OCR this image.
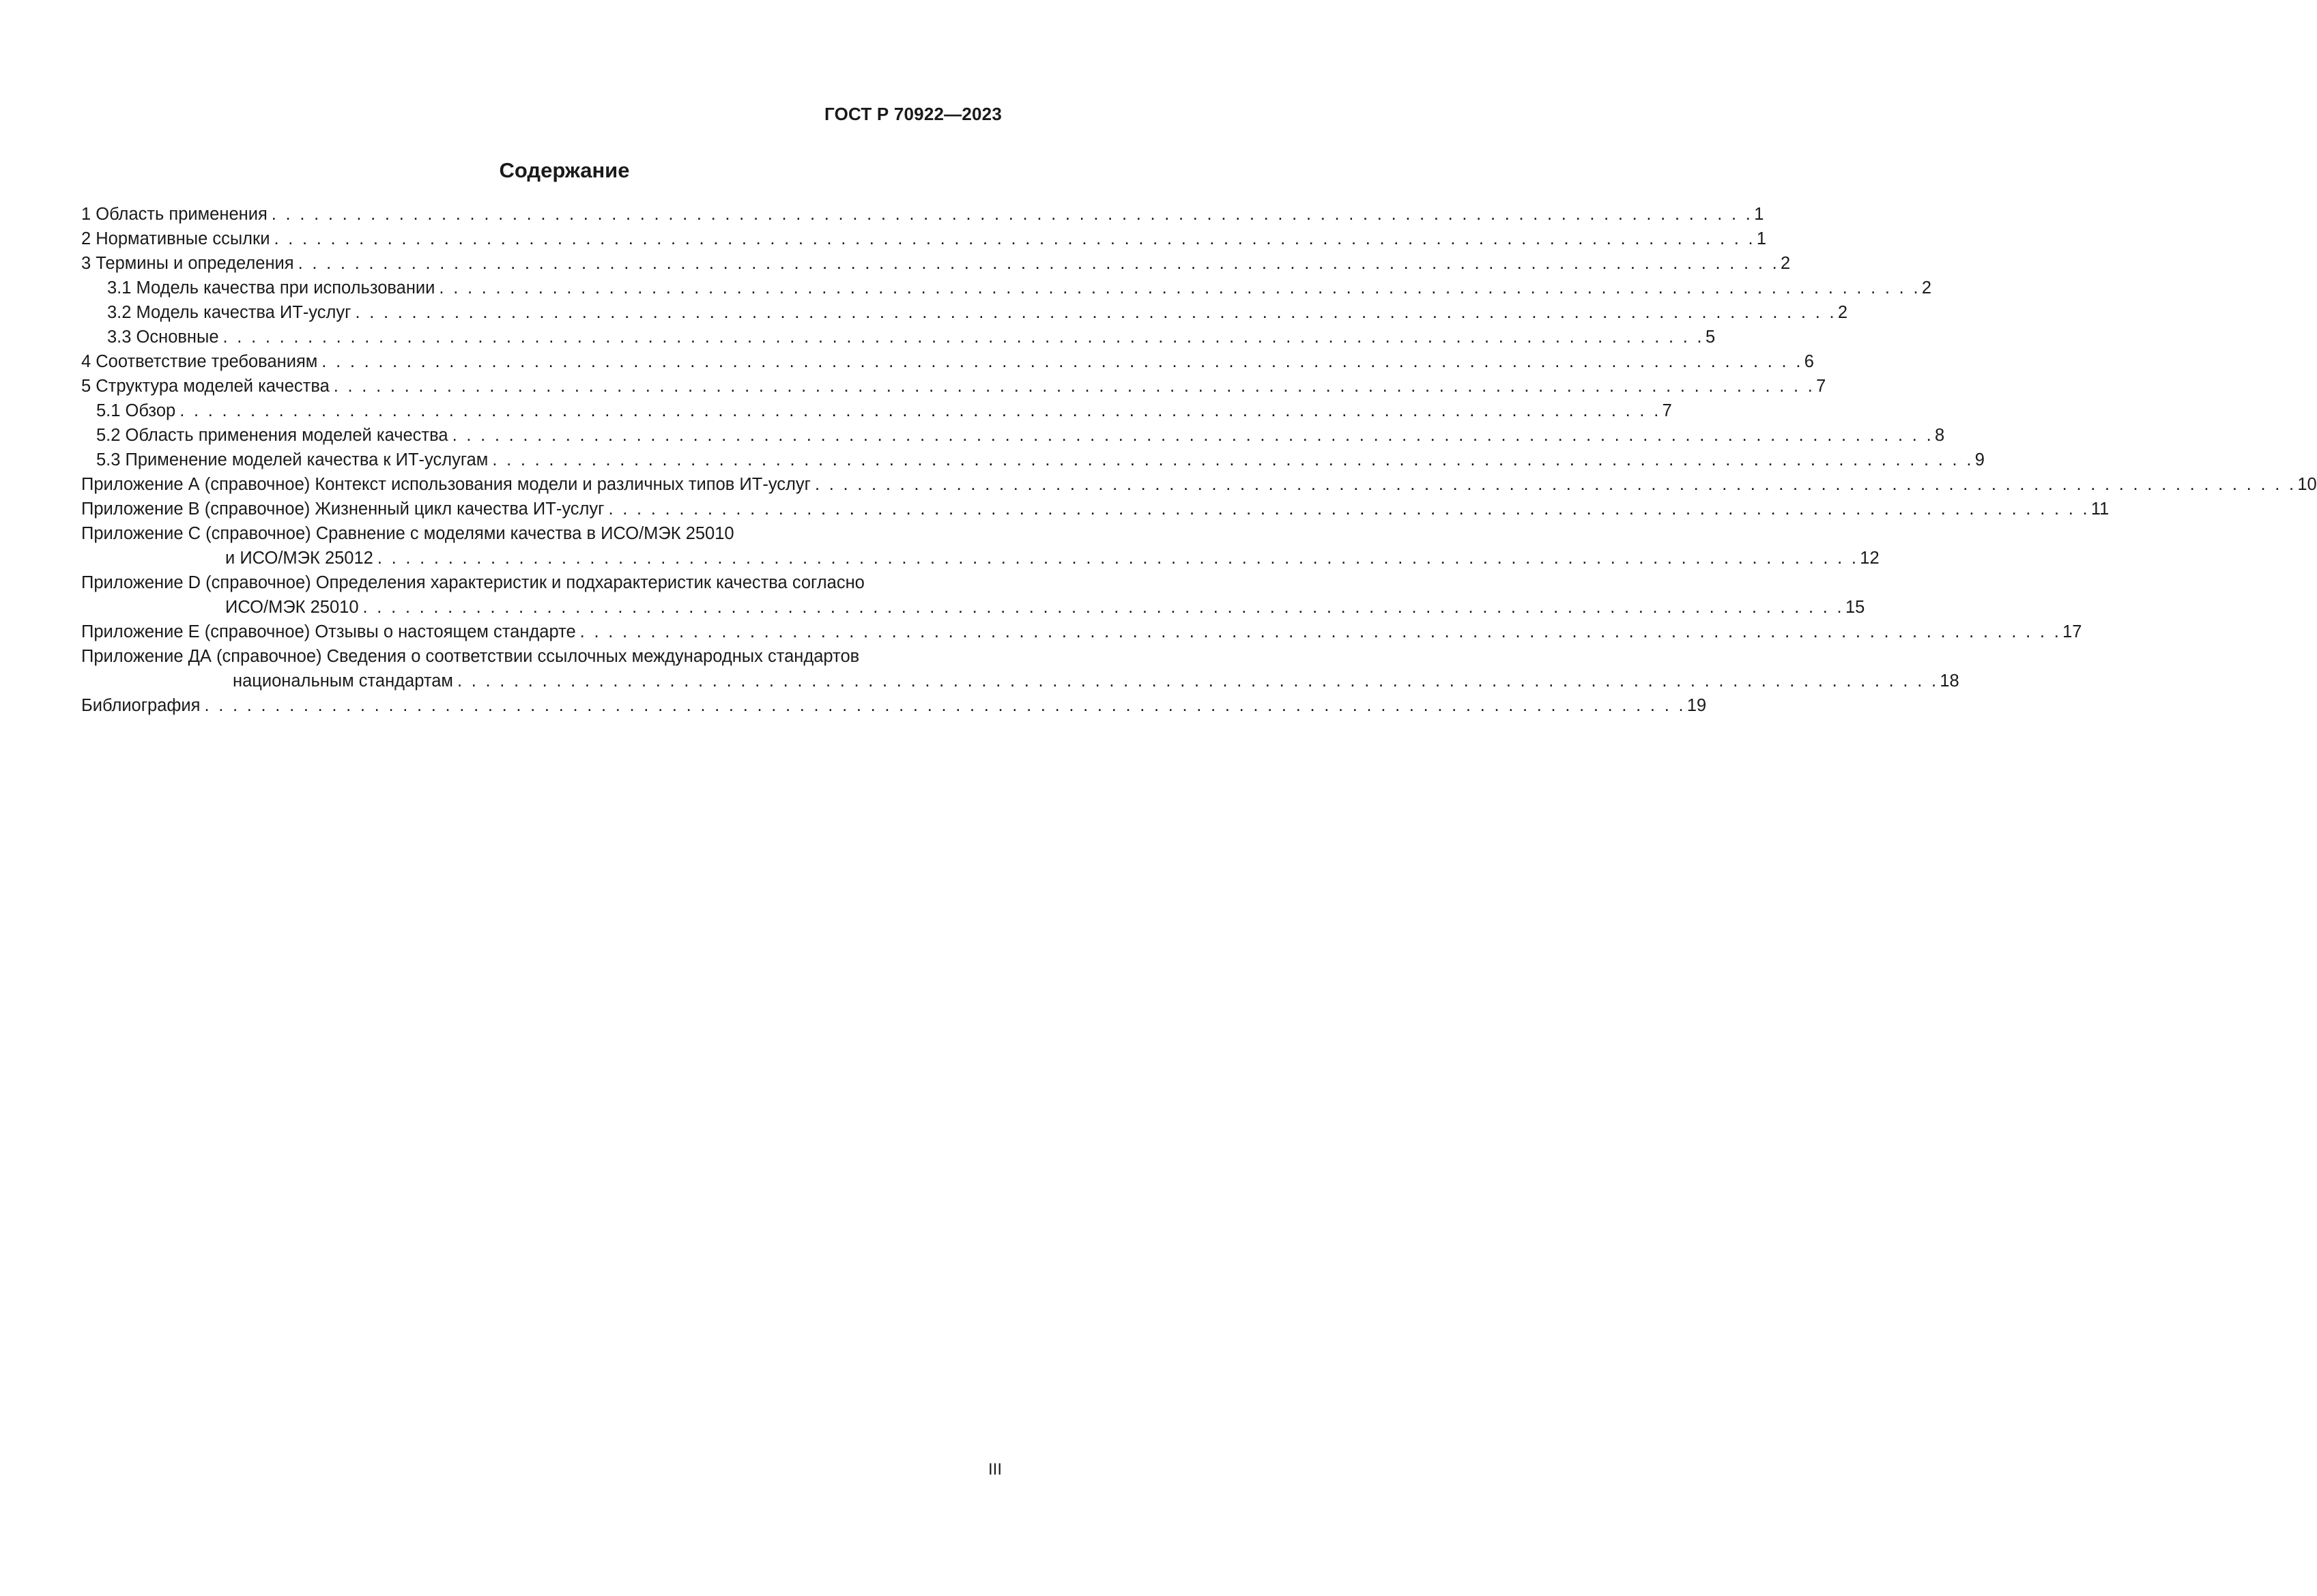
ГОСТ Р 70922—2023
Содержание
1 Область применения . . . . . . . . . . . . . . . . . . . . . . . . . . . . . . . . . . . . . . . . . . . . . . . . . . . . . . . . . . . . . . . . . . . . . . . . . . . . . . . . . . . . . . . . . . . . . . . . . . . . . . . . . 1
2 Нормативные ссылки . . . . . . . . . . . . . . . . . . . . . . . . . . . . . . . . . . . . . . . . . . . . . . . . . . . . . . . . . . . . . . . . . . . . . . . . . . . . . . . . . . . . . . . . . . . . . . . . . . . . . . . . . 1
3 Термины и определения . . . . . . . . . . . . . . . . . . . . . . . . . . . . . . . . . . . . . . . . . . . . . . . . . . . . . . . . . . . . . . . . . . . . . . . . . . . . . . . . . . . . . . . . . . . . . . . . . . . . . . . . . 2
3.1 Модель качества при использовании . . . . . . . . . . . . . . . . . . . . . . . . . . . . . . . . . . . . . . . . . . . . . . . . . . . . . . . . . . . . . . . . . . . . . . . . . . . . . . . . . . . . . . . . . . . . . . . . . . . . . . . . . 2
3.2 Модель качества ИТ-услуг . . . . . . . . . . . . . . . . . . . . . . . . . . . . . . . . . . . . . . . . . . . . . . . . . . . . . . . . . . . . . . . . . . . . . . . . . . . . . . . . . . . . . . . . . . . . . . . . . . . . . . . . . 2
3.3 Основные . . . . . . . . . . . . . . . . . . . . . . . . . . . . . . . . . . . . . . . . . . . . . . . . . . . . . . . . . . . . . . . . . . . . . . . . . . . . . . . . . . . . . . . . . . . . . . . . . . . . . . . . . 5
4 Соответствие требованиям . . . . . . . . . . . . . . . . . . . . . . . . . . . . . . . . . . . . . . . . . . . . . . . . . . . . . . . . . . . . . . . . . . . . . . . . . . . . . . . . . . . . . . . . . . . . . . . . . . . . . . . . . 6
5 Структура моделей качества . . . . . . . . . . . . . . . . . . . . . . . . . . . . . . . . . . . . . . . . . . . . . . . . . . . . . . . . . . . . . . . . . . . . . . . . . . . . . . . . . . . . . . . . . . . . . . . . . . . . . . . . . 7
5.1 Обзор . . . . . . . . . . . . . . . . . . . . . . . . . . . . . . . . . . . . . . . . . . . . . . . . . . . . . . . . . . . . . . . . . . . . . . . . . . . . . . . . . . . . . . . . . . . . . . . . . . . . . . . . . 7
5.2 Область применения моделей качества . . . . . . . . . . . . . . . . . . . . . . . . . . . . . . . . . . . . . . . . . . . . . . . . . . . . . . . . . . . . . . . . . . . . . . . . . . . . . . . . . . . . . . . . . . . . . . . . . . . . . . . . . 8
5.3 Применение моделей качества к ИТ-услугам . . . . . . . . . . . . . . . . . . . . . . . . . . . . . . . . . . . . . . . . . . . . . . . . . . . . . . . . . . . . . . . . . . . . . . . . . . . . . . . . . . . . . . . . . . . . . . . . . . . . . . . . . 9
Приложение А (справочное) Контекст использования модели и различных типов ИТ-услуг . . . . . . . . . . . . . . . . . . . . . . . . . . . . . . . . . . . . . . . . . . . . . . . . . . . . . . . . . . . . . . . . . . . . . . . . . . . . . . . . . . . . . . . . . . . . . . . . . . . . . . . . . 10
Приложение В (справочное) Жизненный цикл качества ИТ-услуг . . . . . . . . . . . . . . . . . . . . . . . . . . . . . . . . . . . . . . . . . . . . . . . . . . . . . . . . . . . . . . . . . . . . . . . . . . . . . . . . . . . . . . . . . . . . . . . . . . . . . . . . . 11
Приложение С (справочное) Сравнение с моделями качества в ИСО/МЭК 25010
и ИСО/МЭК 25012 . . . . . . . . . . . . . . . . . . . . . . . . . . . . . . . . . . . . . . . . . . . . . . . . . . . . . . . . . . . . . . . . . . . . . . . . . . . . . . . . . . . . . . . . . . . . . . . . . . . . . . . . . 12
Приложение D (справочное) Определения характеристик и подхарактеристик качества согласно
ИСО/МЭК 25010 . . . . . . . . . . . . . . . . . . . . . . . . . . . . . . . . . . . . . . . . . . . . . . . . . . . . . . . . . . . . . . . . . . . . . . . . . . . . . . . . . . . . . . . . . . . . . . . . . . . . . . . . . 15
Приложение Е (справочное) Отзывы о настоящем стандарте . . . . . . . . . . . . . . . . . . . . . . . . . . . . . . . . . . . . . . . . . . . . . . . . . . . . . . . . . . . . . . . . . . . . . . . . . . . . . . . . . . . . . . . . . . . . . . . . . . . . . . . . . 17
Приложение ДА (справочное) Сведения о соответствии ссылочных международных стандартов
национальным стандартам . . . . . . . . . . . . . . . . . . . . . . . . . . . . . . . . . . . . . . . . . . . . . . . . . . . . . . . . . . . . . . . . . . . . . . . . . . . . . . . . . . . . . . . . . . . . . . . . . . . . . . . . . 18
Библиография . . . . . . . . . . . . . . . . . . . . . . . . . . . . . . . . . . . . . . . . . . . . . . . . . . . . . . . . . . . . . . . . . . . . . . . . . . . . . . . . . . . . . . . . . . . . . . . . . . . . . . . . . 19
III
